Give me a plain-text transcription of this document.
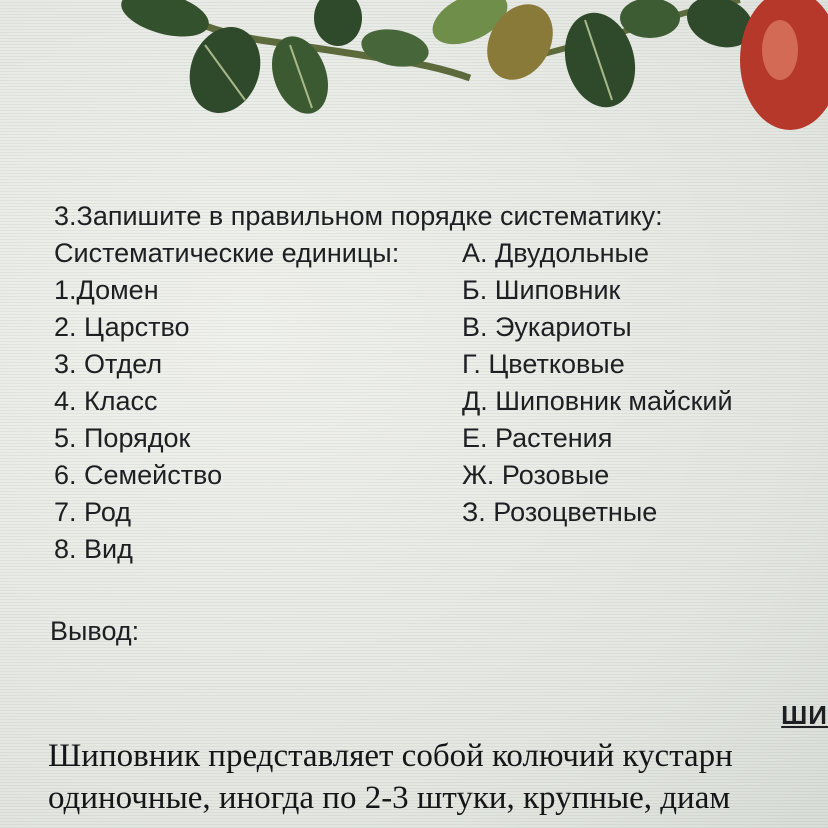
3.Запишите в правильном порядке систематику:
Систематические единицы:	А. Двудольные
1.Домен	Б. Шиповник
2. Царство	В. Эукариоты
3. Отдел	Г. Цветковые
4. Класс	Д. Шиповник майский
5. Порядок	Е. Растения
6. Семейство	Ж. Розовые
7. Род	З. Розоцветные
8. Вид
Вывод:
ШИ
Шиповник представляет собой колючий кустарн
одиночные, иногда по 2-3 штуки, крупные, диам
